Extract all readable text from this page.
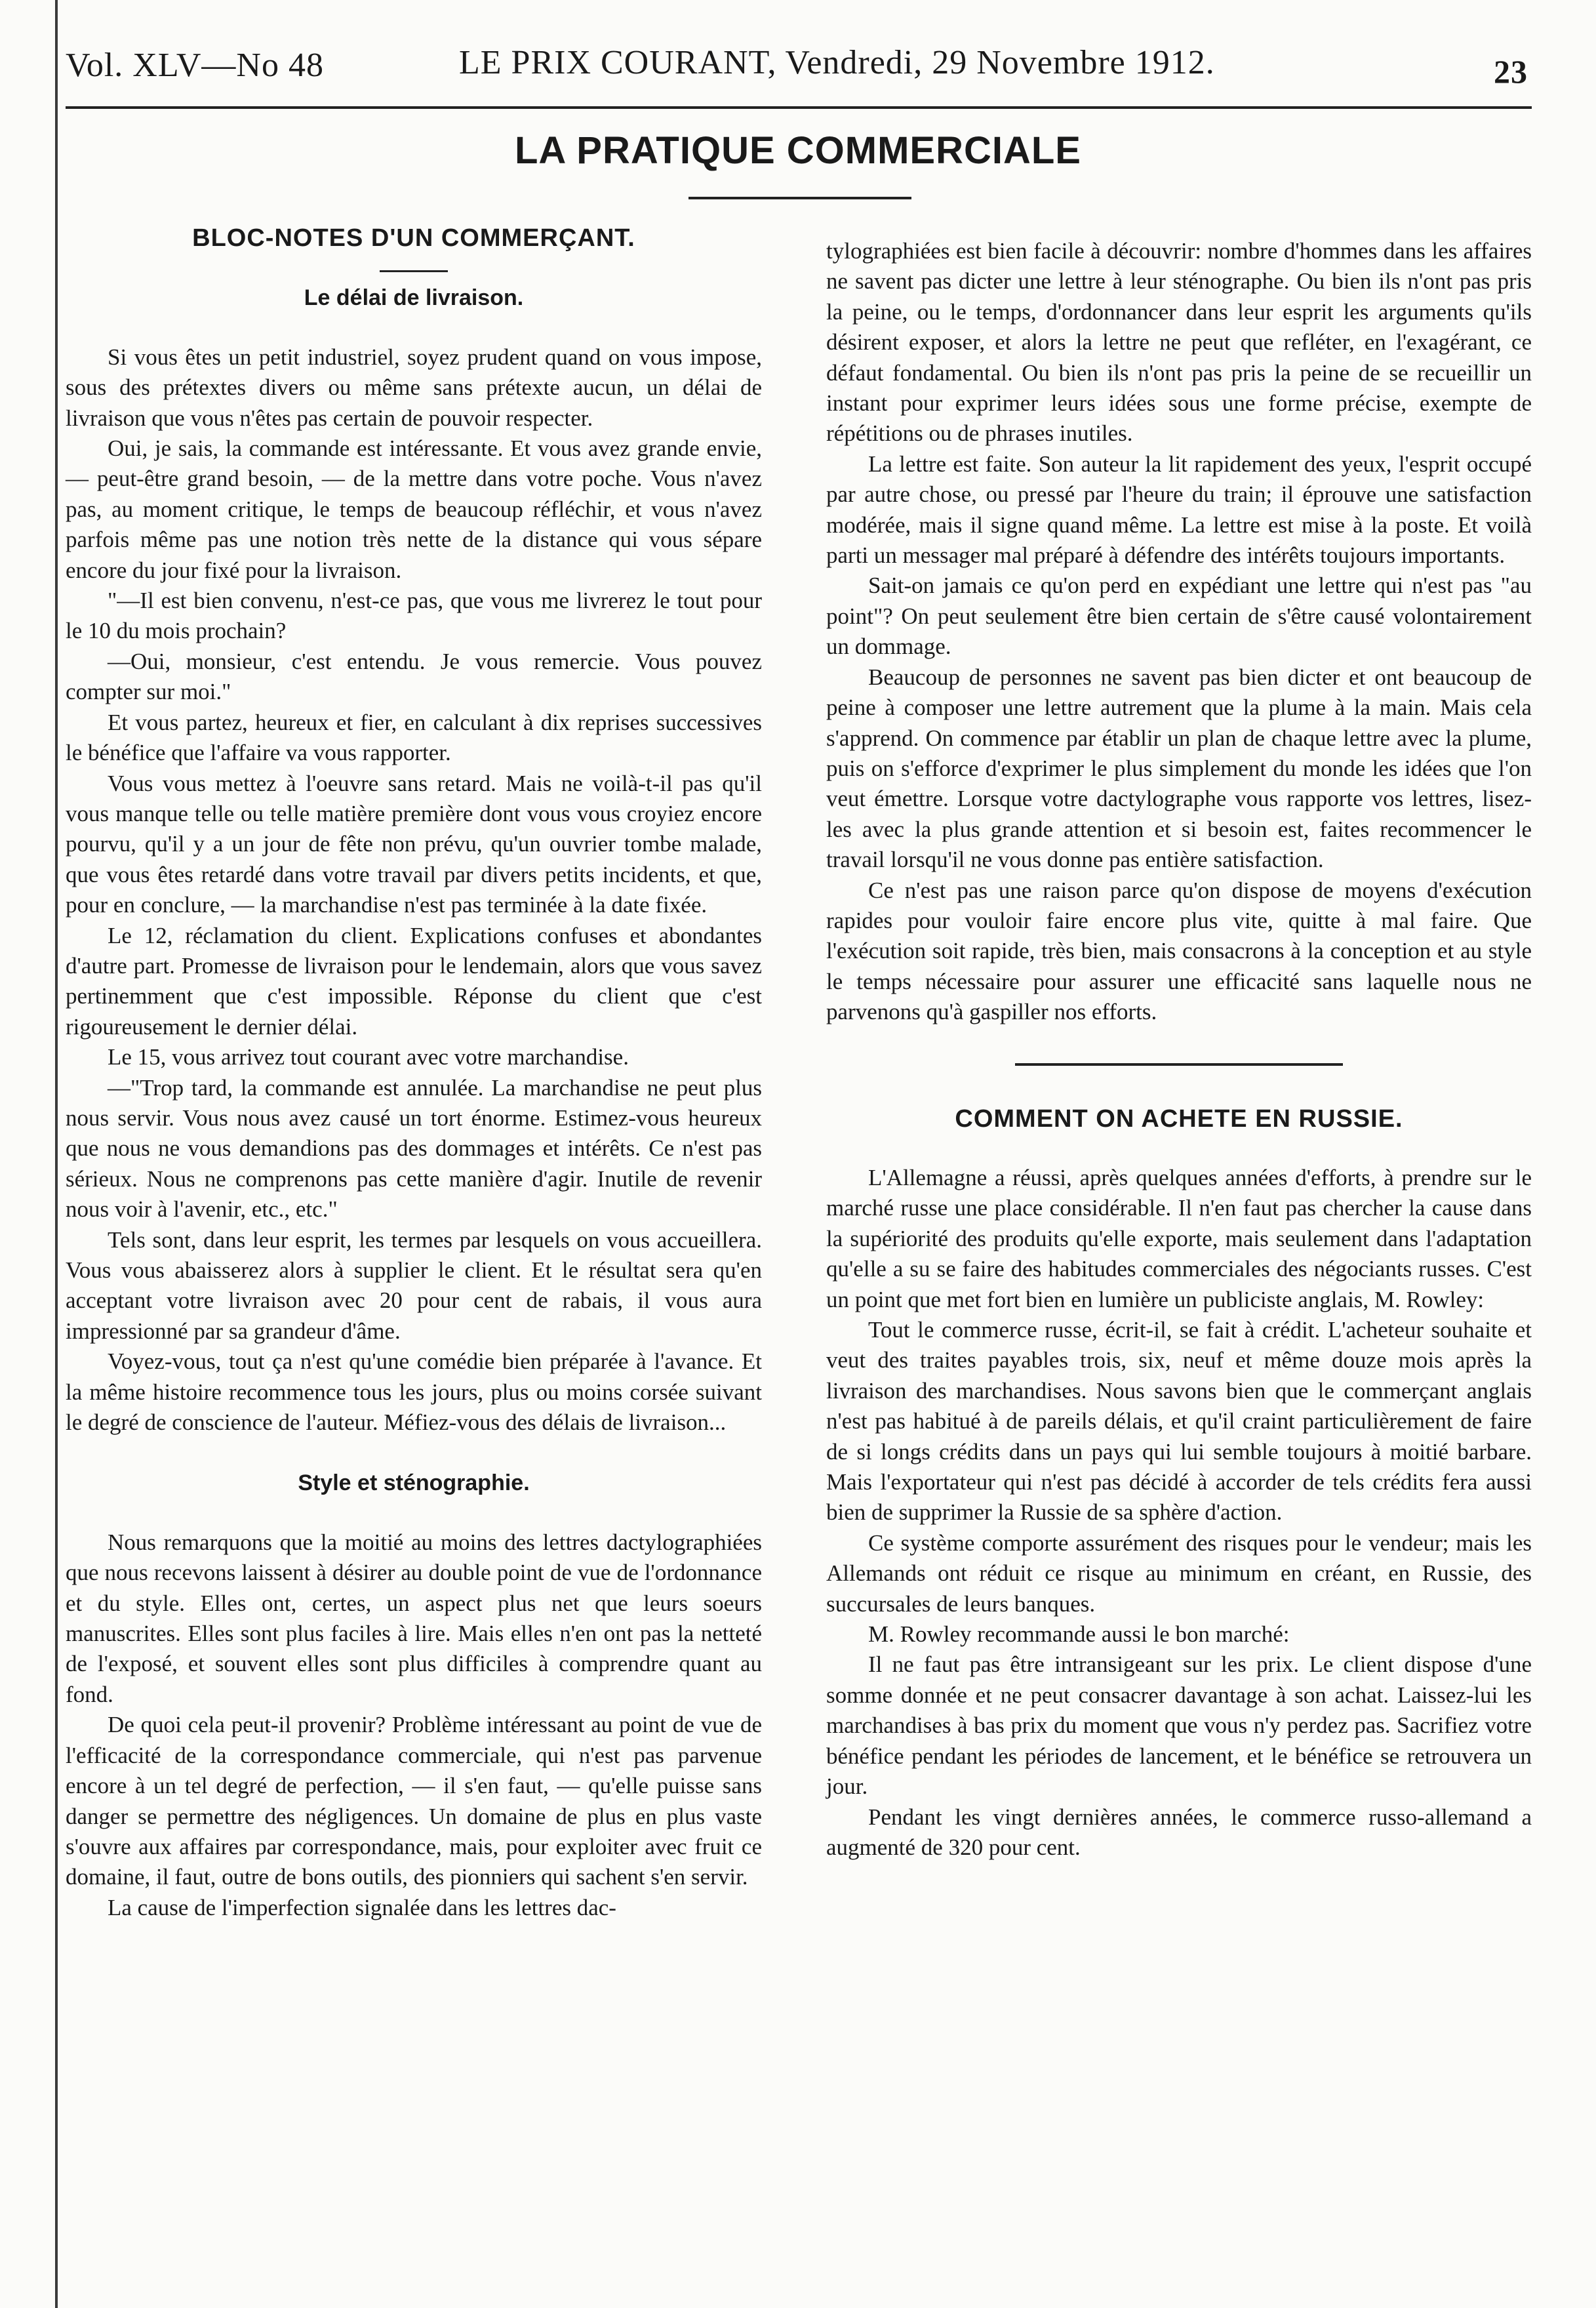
Vol. XLV—No 48	LE PRIX COURANT, Vendredi, 29 Novembre 1912.	23
LA PRATIQUE COMMERCIALE
BLOC-NOTES D'UN COMMERÇANT.
Le délai de livraison.

Si vous êtes un petit industriel, soyez prudent quand on vous impose, sous des prétextes divers ou même sans prétexte aucun, un délai de livraison que vous n'êtes pas certain de pouvoir respecter.

Oui, je sais, la commande est intéressante. Et vous avez grande envie, — peut-être grand besoin, — de la mettre dans votre poche. Vous n'avez pas, au moment critique, le temps de beaucoup réfléchir, et vous n'avez parfois même pas une notion très nette de la distance qui vous sépare encore du jour fixé pour la livraison.

"—Il est bien convenu, n'est-ce pas, que vous me livrerez le tout pour le 10 du mois prochain?

—Oui, monsieur, c'est entendu. Je vous remercie. Vous pouvez compter sur moi."

Et vous partez, heureux et fier, en calculant à dix reprises successives le bénéfice que l'affaire va vous rapporter.

Vous vous mettez à l'oeuvre sans retard. Mais ne voilà-t-il pas qu'il vous manque telle ou telle matière première dont vous vous croyiez encore pourvu, qu'il y a un jour de fête non prévu, qu'un ouvrier tombe malade, que vous êtes retardé dans votre travail par divers petits incidents, et que, pour en conclure, — la marchandise n'est pas terminée à la date fixée.

Le 12, réclamation du client. Explications confuses et abondantes d'autre part. Promesse de livraison pour le lendemain, alors que vous savez pertinemment que c'est impossible. Réponse du client que c'est rigoureusement le dernier délai.

Le 15, vous arrivez tout courant avec votre marchandise.

—"Trop tard, la commande est annulée. La marchandise ne peut plus nous servir. Vous nous avez causé un tort énorme. Estimez-vous heureux que nous ne vous demandions pas des dommages et intérêts. Ce n'est pas sérieux. Nous ne comprenons pas cette manière d'agir. Inutile de revenir nous voir à l'avenir, etc., etc."

Tels sont, dans leur esprit, les termes par lesquels on vous accueillera. Vous vous abaisserez alors à supplier le client. Et le résultat sera qu'en acceptant votre livraison avec 20 pour cent de rabais, il vous aura impressionné par sa grandeur d'âme.

Voyez-vous, tout ça n'est qu'une comédie bien préparée à l'avance. Et la même histoire recommence tous les jours, plus ou moins corsée suivant le degré de conscience de l'auteur. Méfiez-vous des délais de livraison...

Style et sténographie.

Nous remarquons que la moitié au moins des lettres dactylographiées que nous recevons laissent à désirer au double point de vue de l'ordonnance et du style. Elles ont, certes, un aspect plus net que leurs soeurs manuscrites. Elles sont plus faciles à lire. Mais elles n'en ont pas la netteté de l'exposé, et souvent elles sont plus difficiles à comprendre quant au fond.

De quoi cela peut-il provenir? Problème intéressant au point de vue de l'efficacité de la correspondance commerciale, qui n'est pas parvenue encore à un tel degré de perfection, — il s'en faut, — qu'elle puisse sans danger se permettre des négligences. Un domaine de plus en plus vaste s'ouvre aux affaires par correspondance, mais, pour exploiter avec fruit ce domaine, il faut, outre de bons outils, des pionniers qui sachent s'en servir.

La cause de l'imperfection signalée dans les lettres dac-

tylographiées est bien facile à découvrir: nombre d'hommes dans les affaires ne savent pas dicter une lettre à leur sténographe. Ou bien ils n'ont pas pris la peine, ou le temps, d'ordonnancer dans leur esprit les arguments qu'ils désirent exposer, et alors la lettre ne peut que refléter, en l'exagérant, ce défaut fondamental. Ou bien ils n'ont pas pris la peine de se recueillir un instant pour exprimer leurs idées sous une forme précise, exempte de répétitions ou de phrases inutiles.

La lettre est faite. Son auteur la lit rapidement des yeux, l'esprit occupé par autre chose, ou pressé par l'heure du train; il éprouve une satisfaction modérée, mais il signe quand même. La lettre est mise à la poste. Et voilà parti un messager mal préparé à défendre des intérêts toujours importants.

Sait-on jamais ce qu'on perd en expédiant une lettre qui n'est pas "au point"? On peut seulement être bien certain de s'être causé volontairement un dommage.

Beaucoup de personnes ne savent pas bien dicter et ont beaucoup de peine à composer une lettre autrement que la plume à la main. Mais cela s'apprend. On commence par établir un plan de chaque lettre avec la plume, puis on s'efforce d'exprimer le plus simplement du monde les idées que l'on veut émettre. Lorsque votre dactylographe vous rapporte vos lettres, lisez-les avec la plus grande attention et si besoin est, faites recommencer le travail lorsqu'il ne vous donne pas entière satisfaction.

Ce n'est pas une raison parce qu'on dispose de moyens d'exécution rapides pour vouloir faire encore plus vite, quitte à mal faire. Que l'exécution soit rapide, très bien, mais consacrons à la conception et au style le temps nécessaire pour assurer une efficacité sans laquelle nous ne parvenons qu'à gaspiller nos efforts.

COMMENT ON ACHETE EN RUSSIE.

L'Allemagne a réussi, après quelques années d'efforts, à prendre sur le marché russe une place considérable. Il n'en faut pas chercher la cause dans la supériorité des produits qu'elle exporte, mais seulement dans l'adaptation qu'elle a su se faire des habitudes commerciales des négociants russes. C'est un point que met fort bien en lumière un publiciste anglais, M. Rowley:

Tout le commerce russe, écrit-il, se fait à crédit. L'acheteur souhaite et veut des traites payables trois, six, neuf et même douze mois après la livraison des marchandises. Nous savons bien que le commerçant anglais n'est pas habitué à de pareils délais, et qu'il craint particulièrement de faire de si longs crédits dans un pays qui lui semble toujours à moitié barbare. Mais l'exportateur qui n'est pas décidé à accorder de tels crédits fera aussi bien de supprimer la Russie de sa sphère d'action.

Ce système comporte assurément des risques pour le vendeur; mais les Allemands ont réduit ce risque au minimum en créant, en Russie, des succursales de leurs banques.

M. Rowley recommande aussi le bon marché:

Il ne faut pas être intransigeant sur les prix. Le client dispose d'une somme donnée et ne peut consacrer davantage à son achat. Laissez-lui les marchandises à bas prix du moment que vous n'y perdez pas. Sacrifiez votre bénéfice pendant les périodes de lancement, et le bénéfice se retrouvera un jour.

Pendant les vingt dernières années, le commerce russo-allemand a augmenté de 320 pour cent.
